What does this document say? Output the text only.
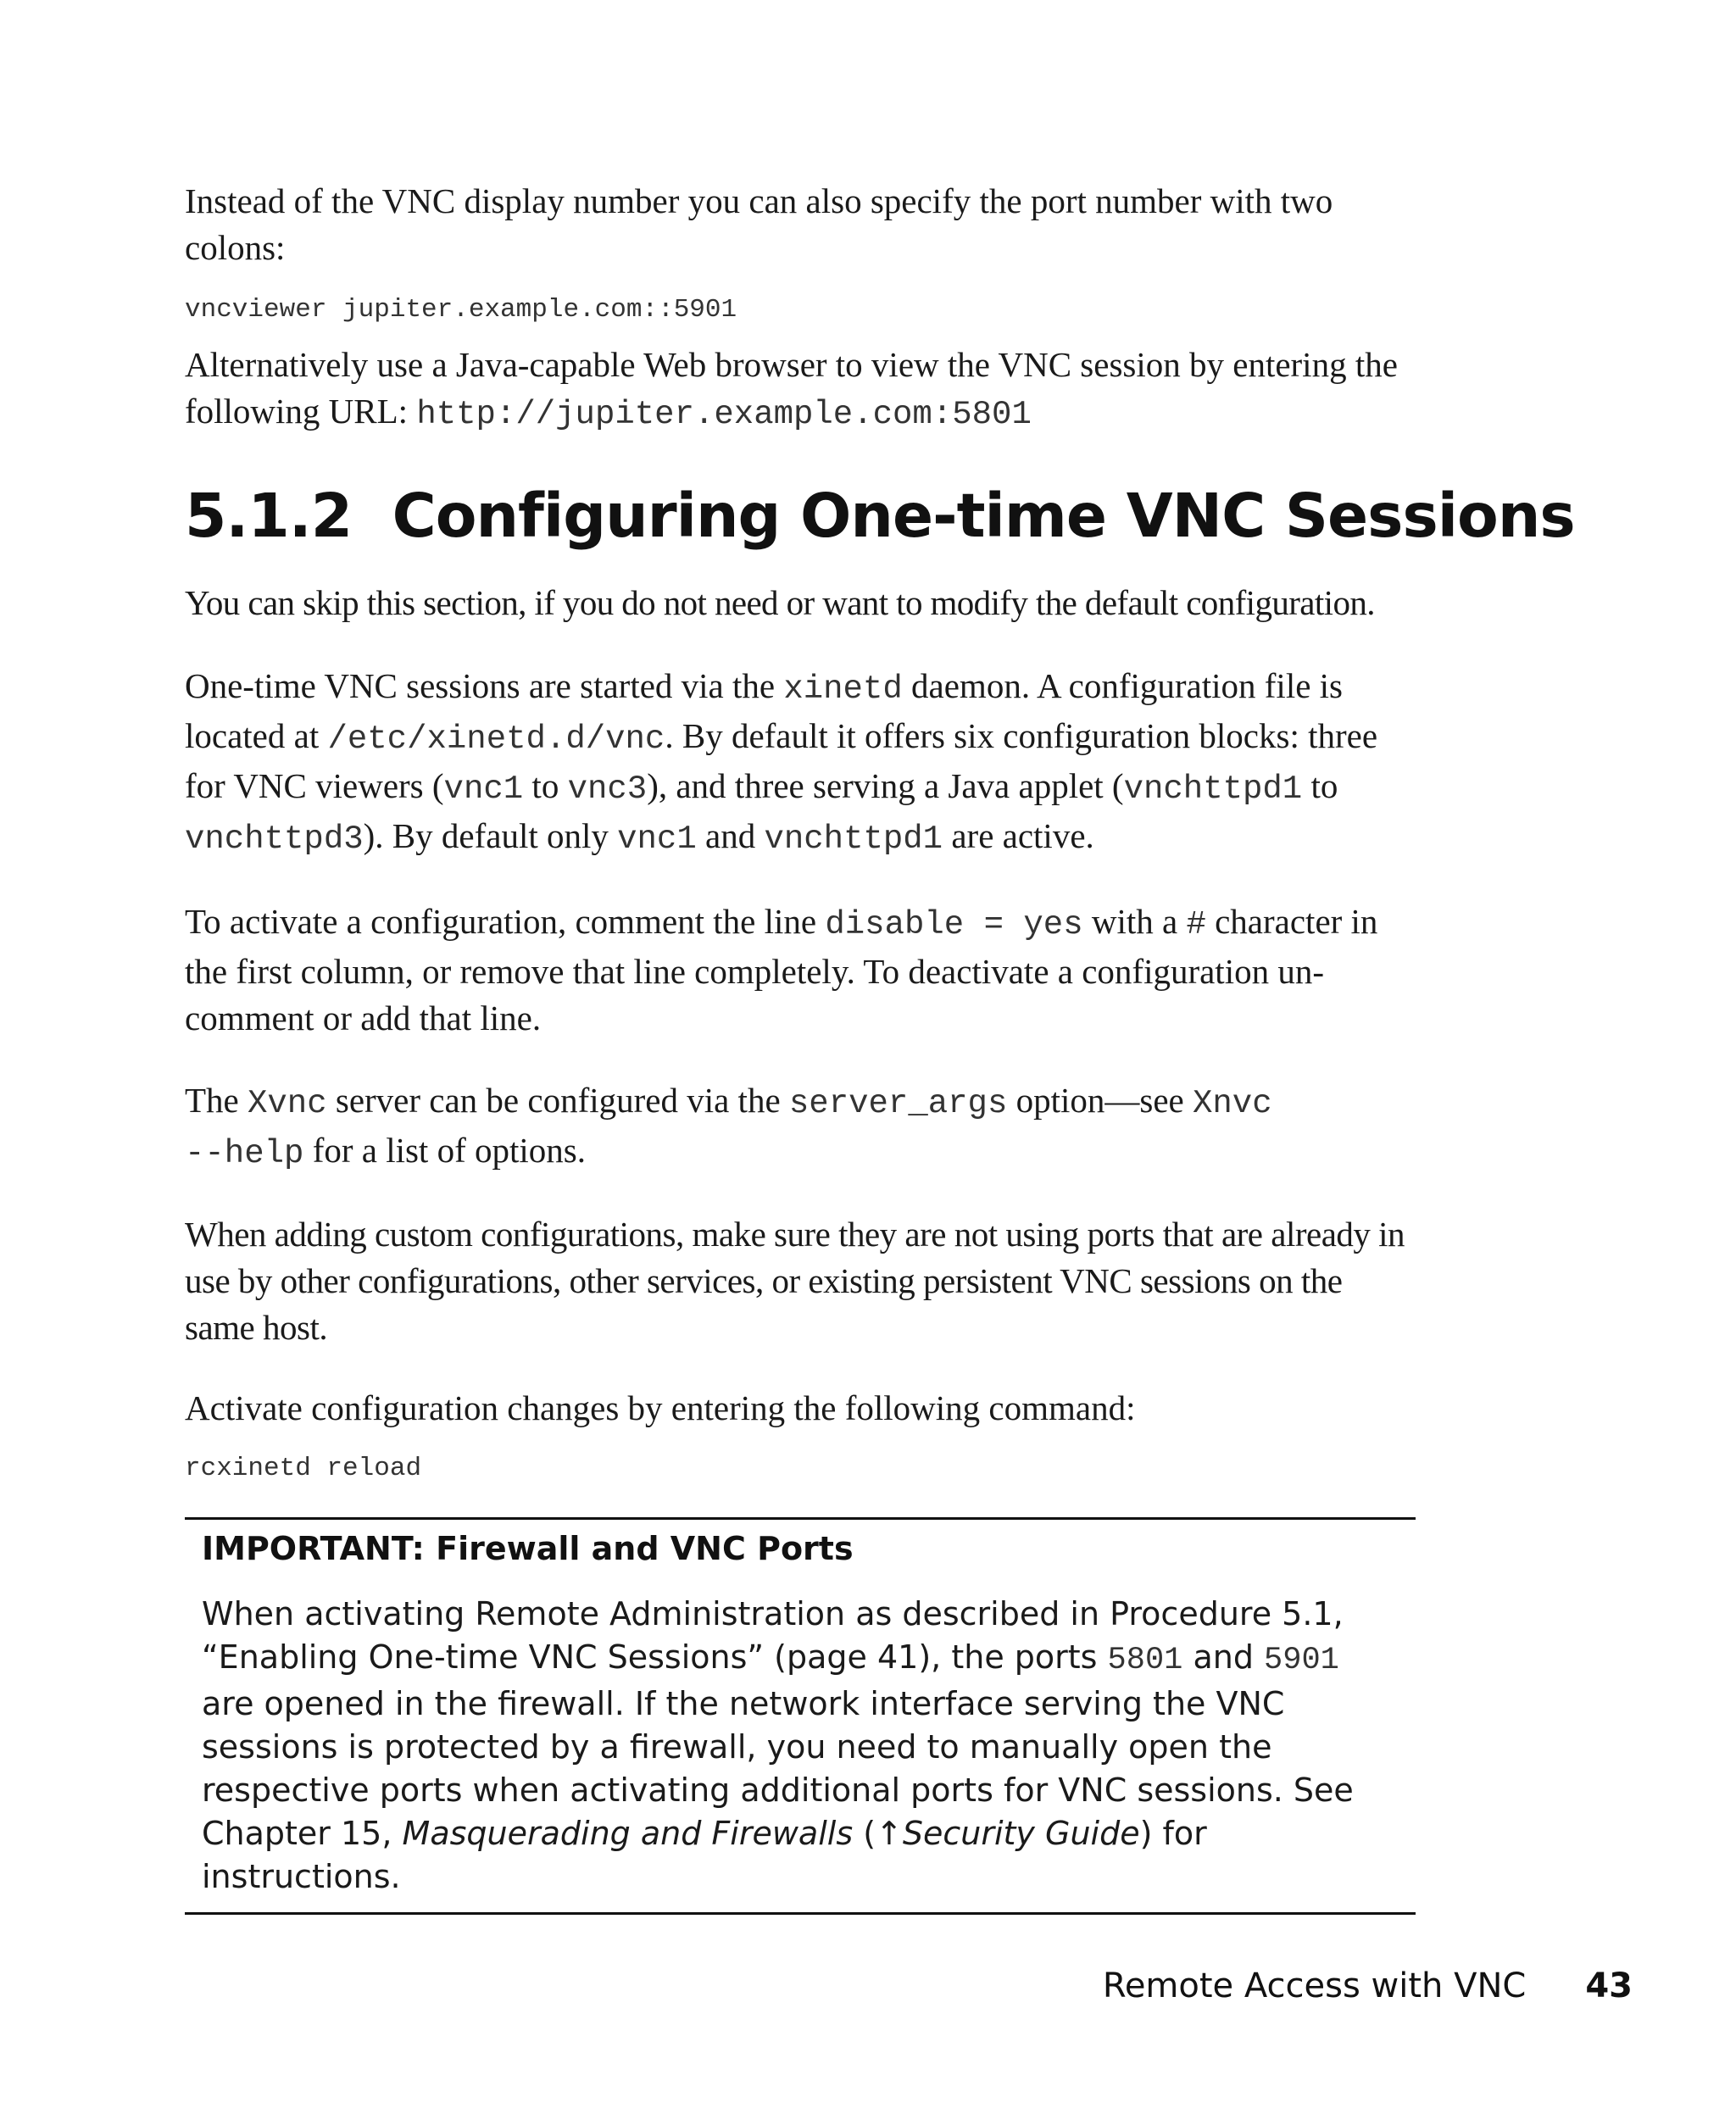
Instead of the VNC display number you can also specify the port number with two colons:

vncviewer jupiter.example.com::5901

Alternatively use a Java-capable Web browser to view the VNC session by entering the following URL: http://jupiter.example.com:5801

5.1.2  Configuring One-time VNC Sessions

You can skip this section, if you do not need or want to modify the default configuration.

One-time VNC sessions are started via the xinetd daemon. A configuration file is located at /etc/xinetd.d/vnc. By default it offers six configuration blocks: three for VNC viewers (vnc1 to vnc3), and three serving a Java applet (vnchttpd1 to vnchttpd3). By default only vnc1 and vnchttpd1 are active.

To activate a configuration, comment the line disable = yes with a # character in the first column, or remove that line completely. To deactivate a configuration un-comment or add that line.

The Xvnc server can be configured via the server_args option—see Xnvc --help for a list of options.

When adding custom configurations, make sure they are not using ports that are already in use by other configurations, other services, or existing persistent VNC sessions on the same host.

Activate configuration changes by entering the following command:

rcxinetd reload

IMPORTANT: Firewall and VNC Ports

When activating Remote Administration as described in Procedure 5.1, “Enabling One-time VNC Sessions” (page 41), the ports 5801 and 5901 are opened in the firewall. If the network interface serving the VNC sessions is protected by a firewall, you need to manually open the respective ports when activating additional ports for VNC sessions. See Chapter 15, Masquerading and Firewalls (↑Security Guide) for instructions.

Remote Access with VNC 43
